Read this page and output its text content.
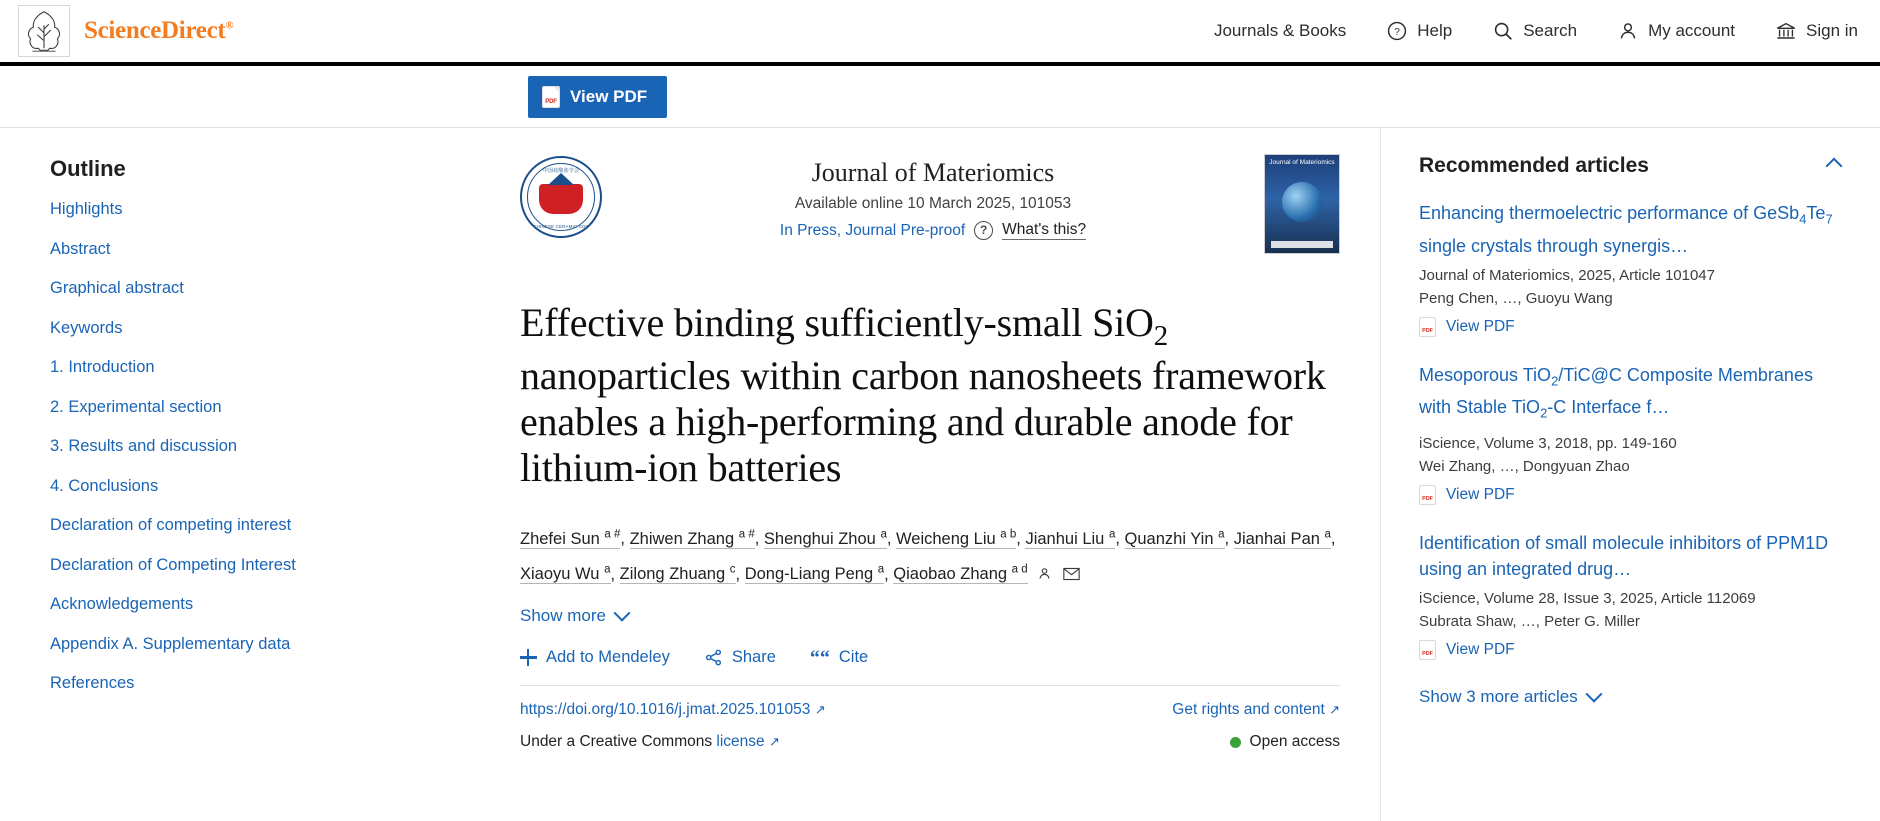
ScienceDirect®	Journals & Books	? Help	Search	My account	Sign in
PDF
View PDF
Outline
Highlights
Abstract
Graphical abstract
Keywords
1. Introduction
2. Experimental section
3. Results and discussion
4. Conclusions
Declaration of competing interest
Declaration of Competing Interest
Acknowledgements
Appendix A. Supplementary data
References
中国硅酸盐学会
THE CHINESE CERAMIC SOCIETY
Journal of Materiomics
Available online 10 March 2025, 101053
In Press, Journal Pre-proof	? What's this?
Journal of Materiomics
Effective binding sufficiently-small SiO$_2$ nanoparticles within carbon nanosheets framework enables a high-performing and durable anode for lithium-ion batteries
Zhefei Sun $^{a \#}$, Zhiwen Zhang $^{a \#}$, Shenghui Zhou $^a$, Weicheng Liu $^{a b}$, Jianhui Liu $^a$, Quanzhi Yin $^a$, Jianhai Pan $^a$, Xiaoyu Wu $^a$, Zilong Zhuang $^c$, Dong-Liang Peng $^a$, Qiaobao Zhang $^{a d}$
Show more
Add to Mendeley	Share ““ Cite
https://doi.org/10.1016/j.jmat.2025.101053 ↗	Get rights and content ↗
Under a Creative Commons license ↗	Open access
Recommended articles
Enhancing thermoelectric performance of $GeSb_4Te_7$ single crystals through synergis…
Journal of Materiomics, 2025, Article 101047
Peng Chen, …, Guoyu Wang
PDF
View PDF
Mesoporous TiO$_2$/TiC@C Composite Membranes with Stable TiO$_2$-C Interface f…
iScience, Volume 3, 2018, pp. 149-160
Wei Zhang, …, Dongyuan Zhao
PDF
View PDF
Identification of small molecule inhibitors of PPM1D using an integrated drug…
iScience, Volume 28, Issue 3, 2025, Article 112069
Subrata Shaw, …, Peter G. Miller
PDF
View PDF
Show 3 more articles
